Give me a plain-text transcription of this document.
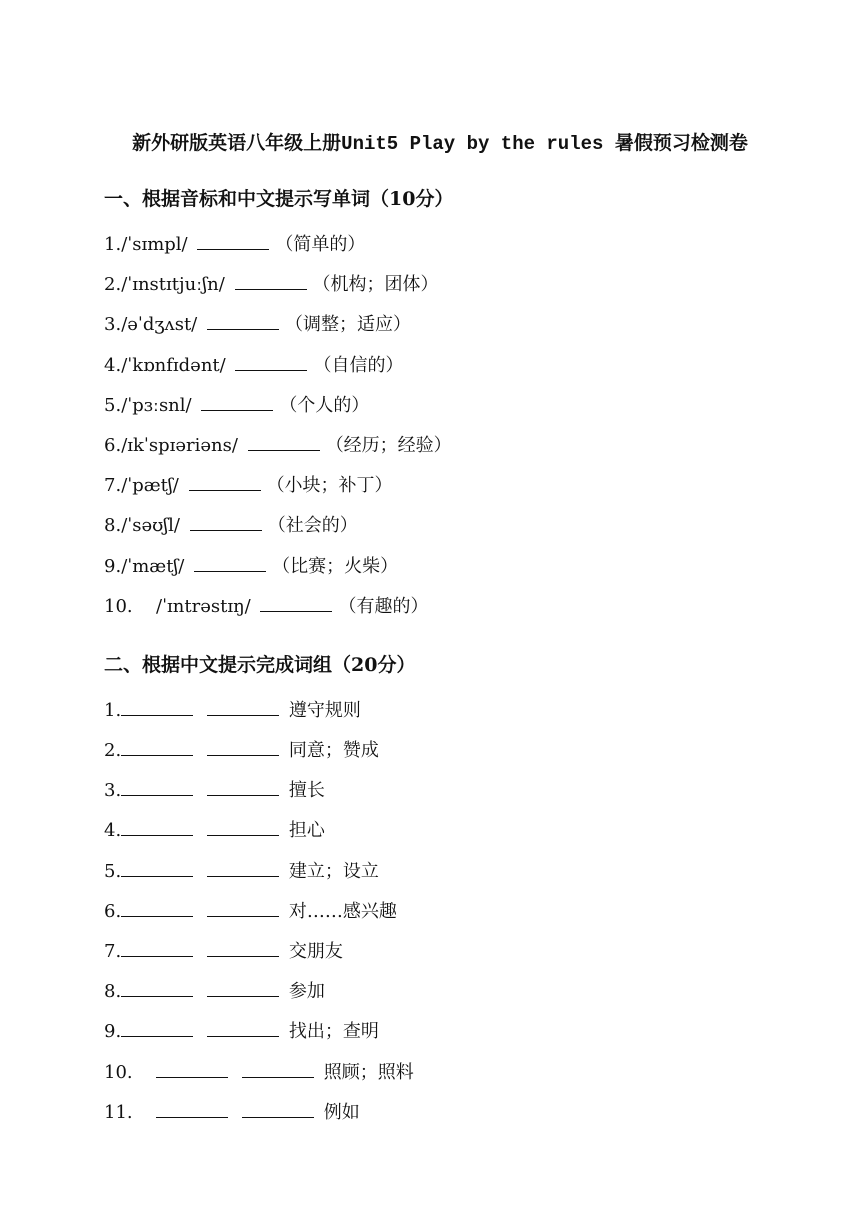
新外研版英语八年级上册Unit5 Play by the rules 暑假预习检测卷
一、根据音标和中文提示写单词（10分）
1./ˈsɪmpl/	（简单的）
2./ˈɪnstɪtjuːʃn/	（机构；团体）
3./əˈdʒʌst/	（调整；适应）
4./ˈkɒnfɪdənt/	（自信的）
5./ˈpɜːsnl/	（个人的）
6./ɪkˈspɪəriəns/	（经历；经验）
7./ˈpætʃ/	（小块；补丁）
8./ˈsəʊʃl/	（社会的）
9./ˈmætʃ/	（比赛；火柴）
10. /ˈɪntrəstɪŋ/	（有趣的）
二、根据中文提示完成词组（20分）
1.	遵守规则
2.	同意；赞成
3.	擅长
4.	担心
5.	建立；设立
6.	对……感兴趣
7.	交朋友
8.	参加
9.	找出；查明
10.	照顾；照料
11.	例如
